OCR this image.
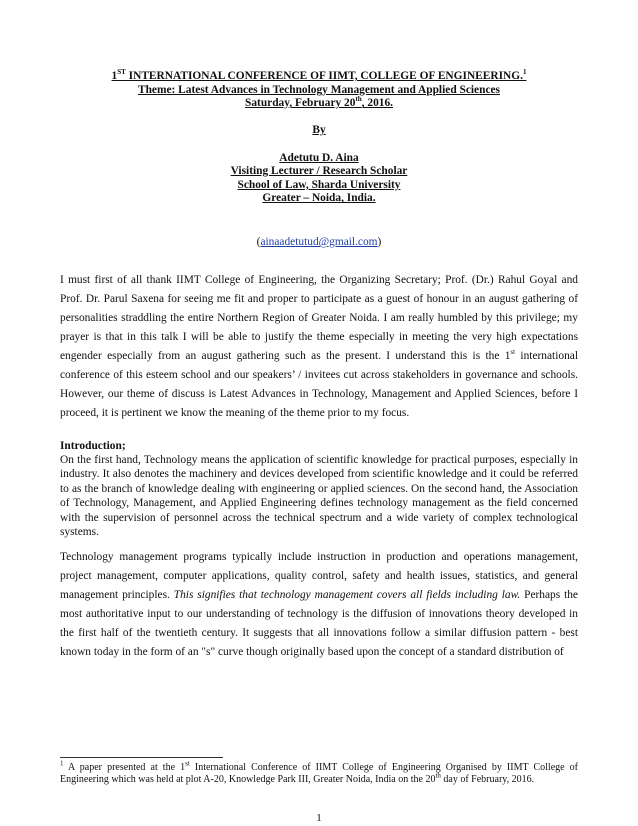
1ST INTERNATIONAL CONFERENCE OF IIMT, COLLEGE OF ENGINEERING.$^1$
Theme: Latest Advances in Technology Management and Applied Sciences
Saturday, February 20th, 2016.
By
Adetutu D. Aina
Visiting Lecturer / Research Scholar
School of Law, Sharda University
Greater – Noida, India.
(ainaadetutud@gmail.com)

I must first of all thank IIMT College of Engineering, the Organizing Secretary; Prof. (Dr.) Rahul Goyal and Prof. Dr. Parul Saxena for seeing me fit and proper to participate as a guest of honour in an august gathering of personalities straddling the entire Northern Region of Greater Noida. I am really humbled by this privilege; my prayer is that in this talk I will be able to justify the theme especially in meeting the very high expectations engender especially from an august gathering such as the present. I understand this is the 1st international conference of this esteem school and our speakers’ / invitees cut across stakeholders in governance and schools. However, our theme of discuss is Latest Advances in Technology, Management and Applied Sciences, before I proceed, it is pertinent we know the meaning of the theme prior to my focus.

Introduction;

On the first hand, Technology means the application of scientific knowledge for practical purposes, especially in industry. It also denotes the machinery and devices developed from scientific knowledge and it could be referred to as the branch of knowledge dealing with engineering or applied sciences. On the second hand, the Association of Technology, Management, and Applied Engineering defines technology management as the field concerned with the supervision of personnel across the technical spectrum and a wide variety of complex technological systems.

Technology management programs typically include instruction in production and operations management, project management, computer applications, quality control, safety and health issues, statistics, and general management principles. This signifies that technology management covers all fields including law. Perhaps the most authoritative input to our understanding of technology is the diffusion of innovations theory developed in the first half of the twentieth century. It suggests that all innovations follow a similar diffusion pattern - best known today in the form of an "s" curve though originally based upon the concept of a standard distribution of

$^1$ A paper presented at the 1st International Conference of IIMT College of Engineering Organised by IIMT College of Engineering which was held at plot A-20, Knowledge Park III, Greater Noida, India on the 20th day of February, 2016.
1
